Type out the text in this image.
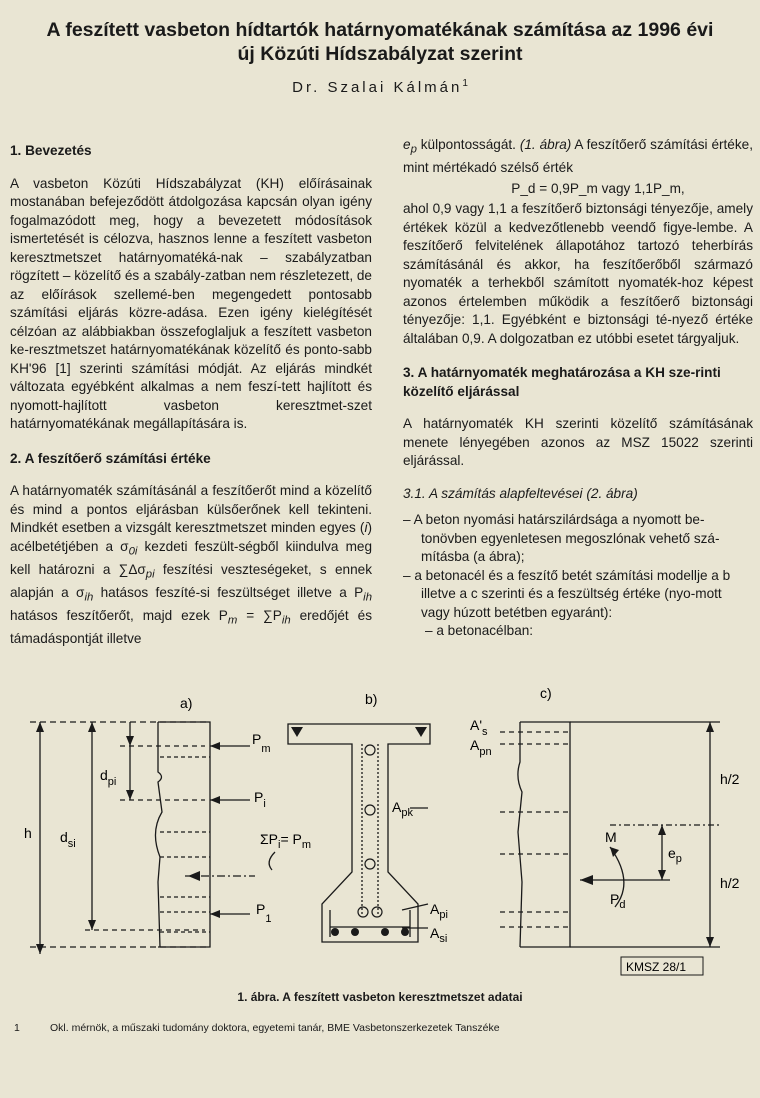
A feszített vasbeton hídtartók határnyomatékának számítása az 1996 évi
új Közúti Hídszabályzat szerint
Dr. Szalai Kálmán$^1$
1. Bevezetés

A vasbeton Közúti Hídszabályzat (KH) előírásainak mostanában befejeződött átdolgozása kapcsán olyan igény fogalmazódott meg, hogy a bevezetett módosítások ismertetését is célozva, hasznos lenne a feszített vasbeton keresztmetszet határnyomatéká-nak – szabályzatban rögzített – közelítő és a szabály-zatban nem részletezett, de az előírások szellemé-ben megengedett pontosabb számítási eljárás közre-adása. Ezen igény kielégítését célzóan az alábbiakban összefoglaljuk a feszített vasbeton ke-resztmetszet határnyomatékának közelítő és ponto-sabb KH'96 [1] szerinti számítási módját. Az eljárás mindkét változata egyébként alkalmas a nem feszí-tett hajlított és nyomott-hajlított vasbeton keresztmet-szet határnyomatékának megállapítására is.

2. A feszítőerő számítási értéke

A határnyomaték számításánál a feszítőerőt mind a közelítő és mind a pontos eljárásban külsőerőnek kell tekinteni. Mindkét esetben a vizsgált keresztmetszet minden egyes (i) acélbetétjében a $\sigma_{0i}$ kezdeti feszült-ségből kiindulva meg kell határozni a $\sum\Delta\sigma_{pi}$ feszítési veszteségeket, s ennek alapján a $\sigma_{ih}$ hatásos feszíté-si feszültséget illetve a $P_{ih}$ hatásos feszítőerőt, majd ezek $P_m = \sum P_{ih}$ eredőjét és támadáspontját illetve

$e_p$ külpontosságát. (1. ábra) A feszítőerő számítási értéke, mint mértékadó szélső érték

P_d = 0,9P_m vagy 1,1P_m,

ahol 0,9 vagy 1,1 a feszítőerő biztonsági tényezője, amely értékek közül a kedvezőtlenebb veendő figye-lembe. A feszítőerő felvitelének állapotához tartozó teherbírás számításánál és akkor, ha feszítőerőből származó nyomaték a terhekből számított nyomaték-hoz képest azonos értelemben működik a feszítőerő biztonsági tényezője: 1,1. Egyébként e biztonsági té-nyező értéke általában 0,9. A dolgozatban ez utóbbi esetet tárgyaljuk.

3. A határnyomaték meghatározása a KH sze-rinti közelítő eljárással

A határnyomaték KH szerinti közelítő számításának menete lényegében azonos az MSZ 15022 szerinti eljárással.

3.1. A számítás alapfeltevései (2. ábra)

– A beton nyomási határszilárdsága a nyomott be-tonövben egyenletesen megoszlónak vehető szá-mításba (a ábra);

– a betonacél és a feszítő betét számítási modellje a b illetve a c szerinti és a feszültség értéke (nyo-mott vagy húzott betétben egyaránt):

– a betonacélban:

a)	b)	c)
h $d_{si}$
$d_{pi}$
$P_m$
$P_i$
$P_1$
$\Sigma P_i= P_m$
$A_{pk}$
$A_{pi}$
$A_{si}$
$A'_s$
$A_{pn}$
h/2
h/2
M
$e_p$
$P_d$
KMSZ 28/1
1. ábra. A feszített vasbeton keresztmetszet adatai
1	Okl. mérnök, a műszaki tudomány doktora, egyetemi tanár, BME Vasbetonszerkezetek Tanszéke
